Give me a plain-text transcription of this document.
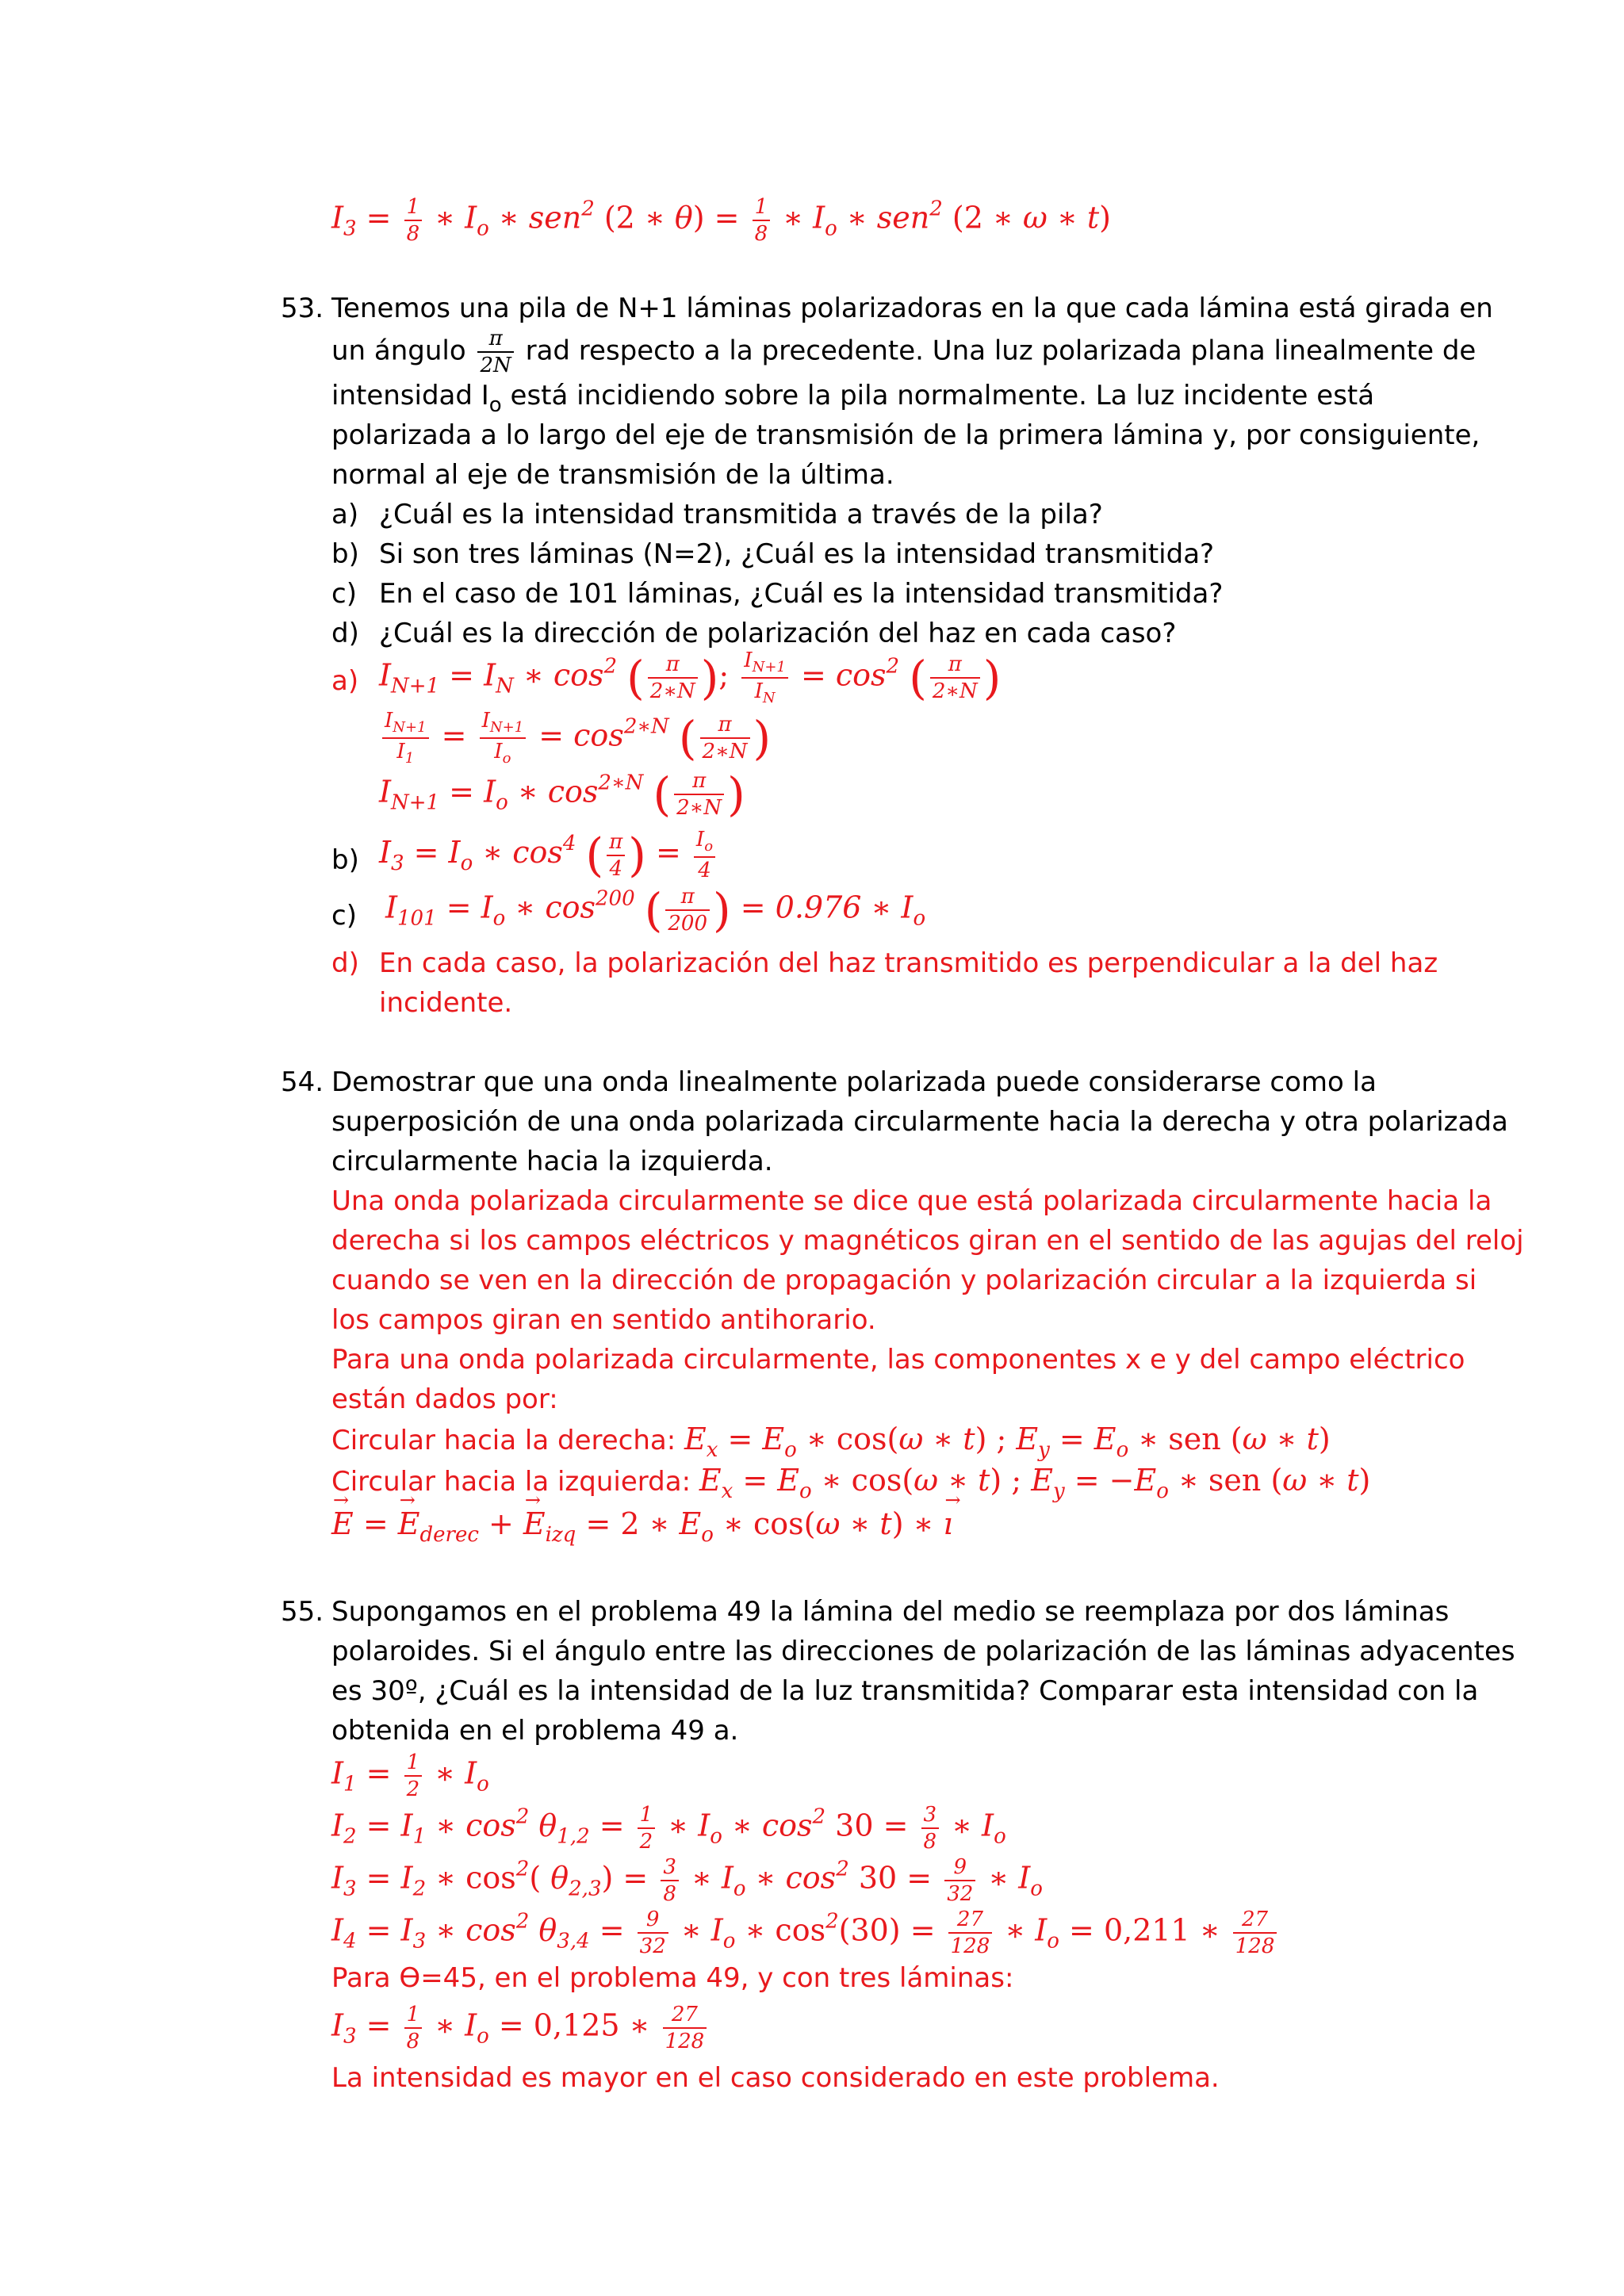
$I_3 = \frac{1}{8}$ ∗ $I_o$ ∗ sen$^2$ (2 ∗ $\theta) = \frac{1}{8}$ ∗ $I_o$ ∗ sen$^2$ (2 ∗ ω ∗ t)
53. Tenemos una pila de N+1 láminas polarizadoras en la que cada lámina está girada en
un ángulo $\frac{\pi}{2N}$ rad respecto a la precedente. Una luz polarizada plana linealmente de
intensidad $I_o$ está incidiendo sobre la pila normalmente. La luz incidente está
polarizada a lo largo del eje de transmisión de la primera lámina y, por consiguiente,
normal al eje de transmisión de la última.
a) ¿Cuál es la intensidad transmitida a través de la pila?
b) Si son tres láminas (N=2), ¿Cuál es la intensidad transmitida?
c) En el caso de 101 láminas, ¿Cuál es la intensidad transmitida?
d) ¿Cuál es la dirección de polarización del haz en cada caso?
a) $I_{N+1} = I_N$ ∗ $\cos^2$ ( $\frac{\pi}{2∗N}$ ); $\frac{I_{N+1}}{I_N} = \cos^2$ ( $\frac{\pi}{2∗N}$ )
$\frac{I_{N+1}}{I_1} = \frac{I_{N+1}}{I_o} = \cos^{2∗N}$ ( $\frac{\pi}{2∗N}$ )
$I_{N+1} = I_o$ ∗ $\cos^{2∗N}$ ( $\frac{\pi}{2∗N}$ )
b) $I_3 = I_o$ ∗ $\cos^4$ ( $\frac{\pi}{4}$ ) = $\frac{I_o}{4}$
c) $I_{101} = I_o$ ∗ $\cos^{200}$ ( $\frac{\pi}{200}$ ) = 0.976 ∗ $I_o$
d) En cada caso, la polarización del haz transmitido es perpendicular a la del haz
incidente.
54. Demostrar que una onda linealmente polarizada puede considerarse como la
superposición de una onda polarizada circularmente hacia la derecha y otra polarizada
circularmente hacia la izquierda.
Una onda polarizada circularmente se dice que está polarizada circularmente hacia la
derecha si los campos eléctricos y magnéticos giran en el sentido de las agujas del reloj
cuando se ven en la dirección de propagación y polarización circular a la izquierda si
los campos giran en sentido antihorario.
Para una onda polarizada circularmente, las componentes x e y del campo eléctrico
están dados por:
Circular hacia la derecha: $E_x = E_o$ ∗ cos(ω ∗ t) ; $E_y = E_o$ ∗ sen (ω ∗ t)
Circular hacia la izquierda: $E_x = E_o$ ∗ cos(ω ∗ t) ; $E_y = -E_o$ ∗ sen (ω ∗ t)
→ E = → $E_{derec}$ + → $E_{izq} = 2$ ∗ $E_o$ ∗ cos(ω ∗ t) ∗ → ı
55. Supongamos en el problema 49 la lámina del medio se reemplaza por dos láminas
polaroides. Si el ángulo entre las direcciones de polarización de las láminas adyacentes
es 30º, ¿Cuál es la intensidad de la luz transmitida? Comparar esta intensidad con la
obtenida en el problema 49 a.
$I_1 = \frac{1}{2}$ ∗ $I_o$
$I_2 = I_1$ ∗ $\cos^2 \theta_{1,2} = \frac{1}{2}$ ∗ $I_o$ ∗ $\cos^2 30 = \frac{3}{8}$ ∗ $I_o$
$I_3 = I_2$ ∗ $\cos^2$( $\theta_{2,3}) = \frac{3}{8}$ ∗ $I_o$ ∗ $\cos^2 30 = \frac{9}{32}$ ∗ $I_o$
$I_4 = I_3$ ∗ $\cos^2 \theta_{3,4} = \frac{9}{32}$ ∗ $I_o$ ∗ $\cos^2(30) = \frac{27}{128}$ ∗ $I_o = 0,211$ ∗ $\frac{27}{128}$
Para ϴ=45, en el problema 49, y con tres láminas:
$I_3 = \frac{1}{8}$ ∗ $I_o = 0,125$ ∗ $\frac{27}{128}$
La intensidad es mayor en el caso considerado en este problema.
